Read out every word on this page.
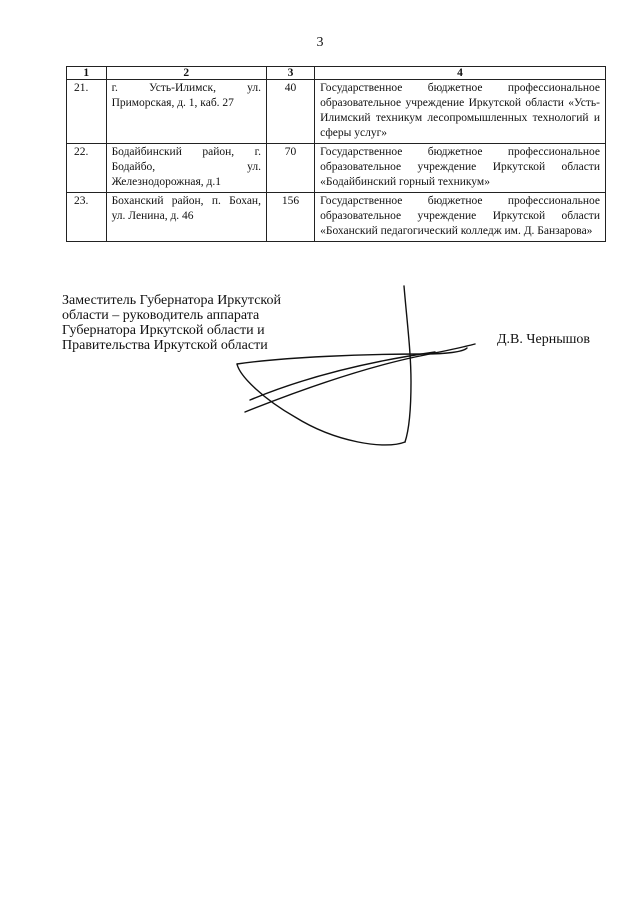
3
1	2	3	4
21.	г. Усть-Илимск, ул. Приморская, д. 1, каб. 27	40	Государственное бюджетное профессиональное образовательное учреждение Иркутской области «Усть-Илимский техникум лесопромышленных технологий и сферы услуг»
22.	Бодайбинский район, г. Бодайбо, ул. Железнодорожная, д.1	70	Государственное бюджетное профессиональное образовательное учреждение Иркутской области «Бодайбинский горный техникум»
23.	Боханский район, п. Бохан, ул. Ленина, д. 46	156	Государственное бюджетное профессиональное образовательное учреждение Иркутской области «Боханский педагогический колледж им. Д. Банзарова»
Заместитель Губернатора Иркутской
области – руководитель аппарата
Губернатора Иркутской области и
Правительства Иркутской области	Д.В. Чернышов
